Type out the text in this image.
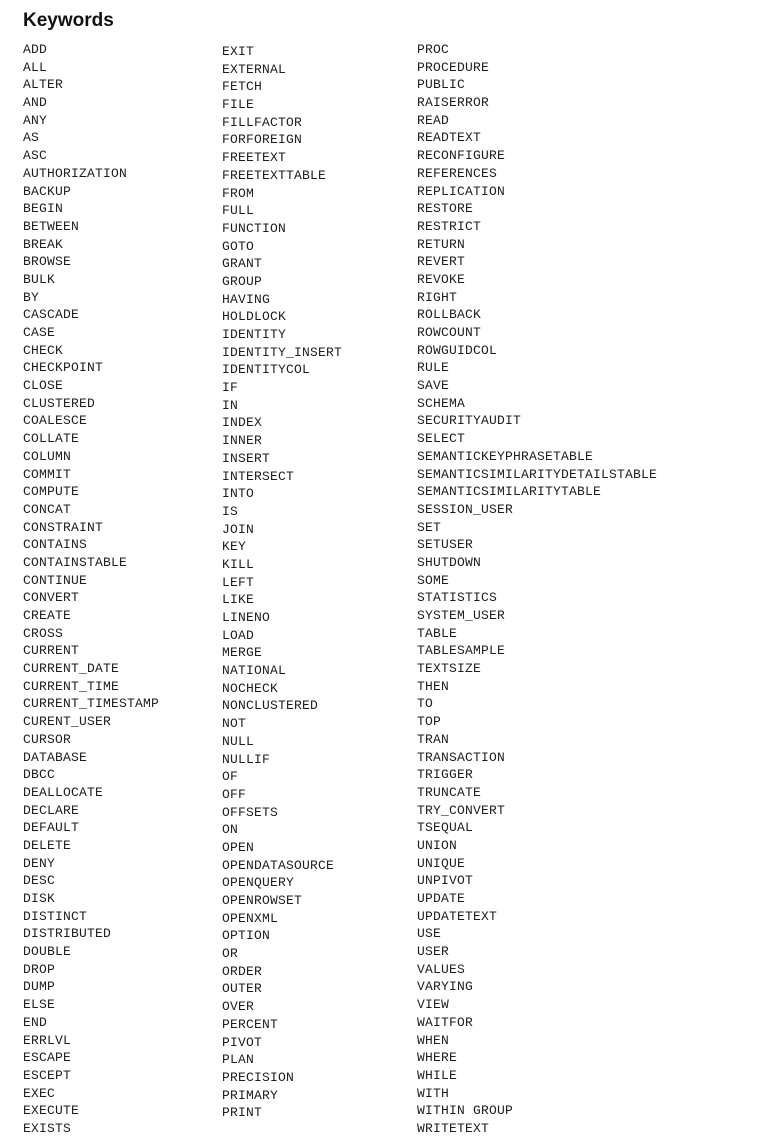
Keywords
ADD
ALL
ALTER
AND
ANY
AS
ASC
AUTHORIZATION
BACKUP
BEGIN
BETWEEN
BREAK
BROWSE
BULK
BY
CASCADE
CASE
CHECK
CHECKPOINT
CLOSE
CLUSTERED
COALESCE
COLLATE
COLUMN
COMMIT
COMPUTE
CONCAT
CONSTRAINT
CONTAINS
CONTAINSTABLE
CONTINUE
CONVERT
CREATE
CROSS
CURRENT
CURRENT_DATE
CURRENT_TIME
CURRENT_TIMESTAMP
CURENT_USER
CURSOR
DATABASE
DBCC
DEALLOCATE
DECLARE
DEFAULT
DELETE
DENY
DESC
DISK
DISTINCT
DISTRIBUTED
DOUBLE
DROP
DUMP
ELSE
END
ERRLVL
ESCAPE
ESCEPT
EXEC
EXECUTE
EXISTS
EXIT
EXTERNAL
FETCH
FILE
FILLFACTOR
FORFOREIGN
FREETEXT
FREETEXTTABLE
FROM
FULL
FUNCTION
GOTO
GRANT
GROUP
HAVING
HOLDLOCK
IDENTITY
IDENTITY_INSERT
IDENTITYCOL
IF
IN
INDEX
INNER
INSERT
INTERSECT
INTO
IS
JOIN
KEY
KILL
LEFT
LIKE
LINENO
LOAD
MERGE
NATIONAL
NOCHECK
NONCLUSTERED
NOT
NULL
NULLIF
OF
OFF
OFFSETS
ON
OPEN
OPENDATASOURCE
OPENQUERY
OPENROWSET
OPENXML
OPTION
OR
ORDER
OUTER
OVER
PERCENT
PIVOT
PLAN
PRECISION
PRIMARY
PRINT
PROC
PROCEDURE
PUBLIC
RAISERROR
READ
READTEXT
RECONFIGURE
REFERENCES
REPLICATION
RESTORE
RESTRICT
RETURN
REVERT
REVOKE
RIGHT
ROLLBACK
ROWCOUNT
ROWGUIDCOL
RULE
SAVE
SCHEMA
SECURITYAUDIT
SELECT
SEMANTICKEYPHRASETABLE
SEMANTICSIMILARITYDETAILSTABLE
SEMANTICSIMILARITYTABLE
SESSION_USER
SET
SETUSER
SHUTDOWN
SOME
STATISTICS
SYSTEM_USER
TABLE
TABLESAMPLE
TEXTSIZE
THEN
TO
TOP
TRAN
TRANSACTION
TRIGGER
TRUNCATE
TRY_CONVERT
TSEQUAL
UNION
UNIQUE
UNPIVOT
UPDATE
UPDATETEXT
USE
USER
VALUES
VARYING
VIEW
WAITFOR
WHEN
WHERE
WHILE
WITH
WITHIN GROUP
WRITETEXT
